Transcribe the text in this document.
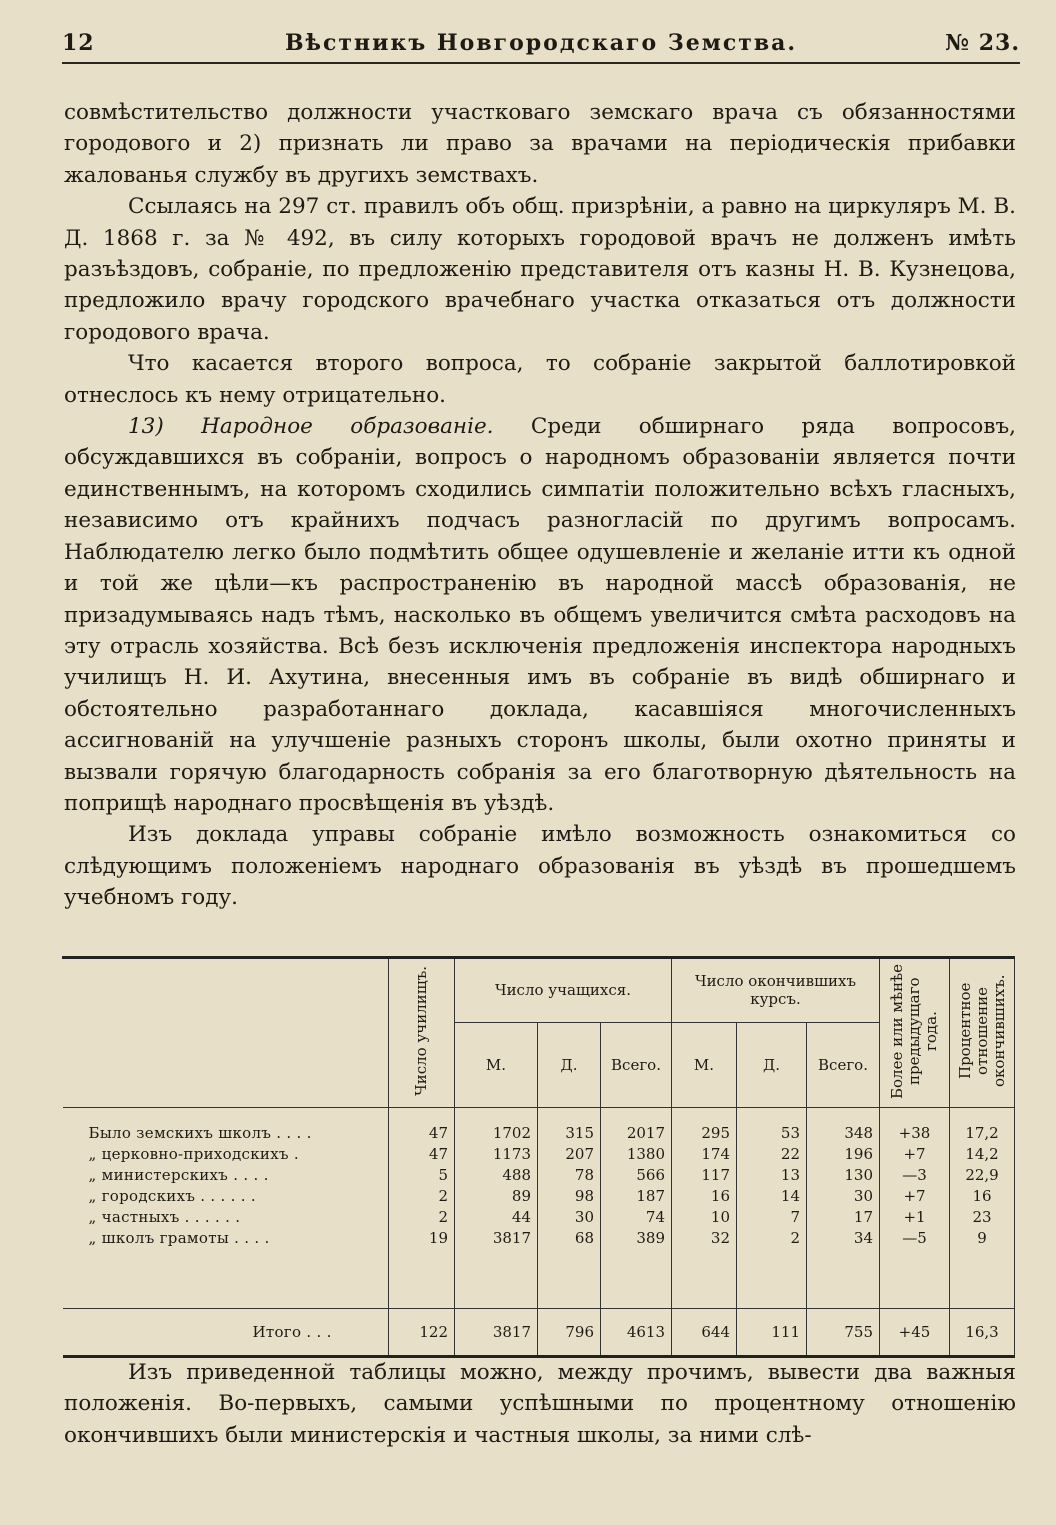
12	Вѣстникъ Новгородскаго Земства.	№ 23.

совмѣстительство должности участковаго земскаго врача съ обязанностями городового и 2) признать ли право за врачами на періодическія прибавки жалованья службу въ другихъ земствахъ.

Ссылаясь на 297 ст. правилъ объ общ. призрѣніи, а равно на циркуляръ М. В. Д. 1868 г. за № 492, въ силу которыхъ городовой врачъ не долженъ имѣть разъѣздовъ, собраніе, по предложенію представителя отъ казны Н. В. Кузнецова, предложило врачу городского врачебнаго участка отказаться отъ должности городового врача.

Что касается второго вопроса, то собраніе закрытой баллотировкой отнеслось къ нему отрицательно.

13) Народное образованіе. Среди обширнаго ряда вопросовъ, обсуждавшихся въ собраніи, вопросъ о народномъ образованіи является почти единственнымъ, на которомъ сходились симпатіи положительно всѣхъ гласныхъ, независимо отъ крайнихъ подчасъ разногласій по другимъ вопросамъ. Наблюдателю легко было подмѣтить общее одушевленіе и желаніе итти къ одной и той же цѣли—къ распространенію въ народной массѣ образованія, не призадумываясь надъ тѣмъ, насколько въ общемъ увеличится смѣта расходовъ на эту отрасль хозяйства. Всѣ безъ исключенія предложенія инспектора народныхъ училищъ Н. И. Ахутина, внесенныя имъ въ собраніе въ видѣ обширнаго и обстоятельно разработаннаго доклада, касавшіяся многочисленныхъ ассигнованій на улучшеніе разныхъ сторонъ школы, были охотно приняты и вызвали горячую благодарность собранія за его благотворную дѣятельность на поприщѣ народнаго просвѣщенія въ уѣздѣ.

Изъ доклада управы собраніе имѣло возможность ознакомиться со слѣдующимъ положеніемъ народнаго образованія въ уѣздѣ въ прошедшемъ учебномъ году.

	Число училищъ.	Число учащихся.			Число окончившихъ курсъ.			Более или мѣнѣе предыдущаго года.	Процентное отношение окончившихъ.
		М.	Д.	Всего.	М.	Д.	Всего.		
Было земскихъ школъ . . . .	47	1702	315	2017	295	53	348	+38	17,2
„ церковно-приходскихъ .	47	1173	207	1380	174	22	196	+7	14,2
„ министерскихъ . . . .	5	488	78	566	117	13	130	—3	22,9
„ городскихъ . . . . . .	2	89	98	187	16	14	30	+7	16
„ частныхъ . . . . . .	2	44	30	74	10	7	17	+1	23
„ школъ грамоты . . . .	19	3817	68	389	32	2	34	—5	9

Итого . . .	122	3817	796	4613	644	111	755	+45	16,3

Изъ приведенной таблицы можно, между прочимъ, вывести два важныя положенія. Во-первыхъ, самыми успѣшными по процентному отношенію окончившихъ были министерскія и частныя школы, за ними слѣ-
